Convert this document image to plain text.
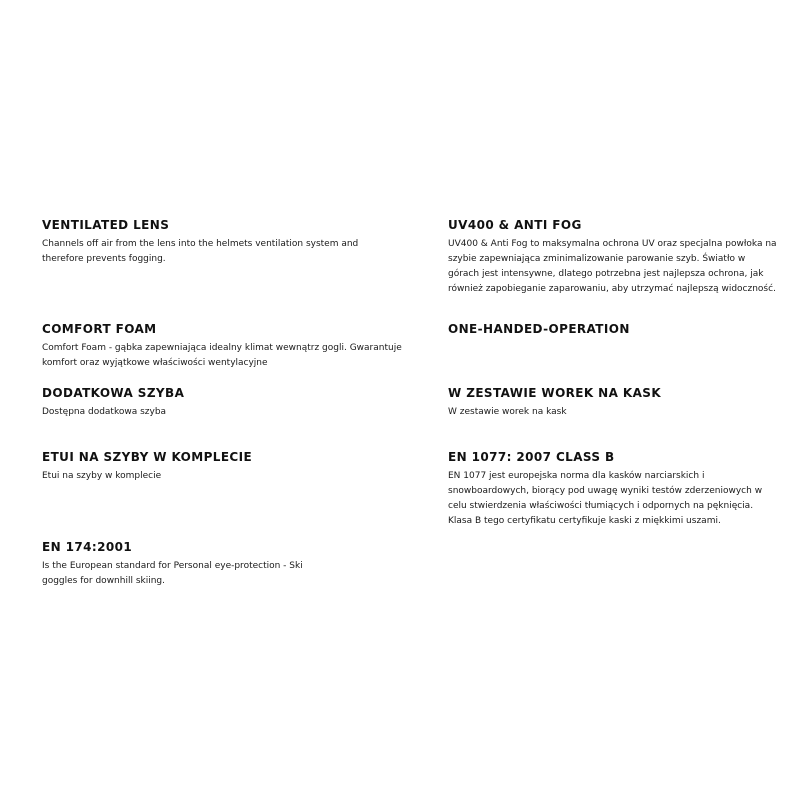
VENTILATED LENS

Channels off air from the lens into the helmets ventilation system and therefore prevents fogging.

UV400 & ANTI FOG

UV400 & Anti Fog to maksymalna ochrona UV oraz specjalna powłoka na szybie zapewniająca zminimalizowanie parowanie szyb. Światło w górach jest intensywne, dlatego potrzebna jest najlepsza ochrona, jak również zapobieganie zaparowaniu, aby utrzymać najlepszą widoczność.

COMFORT FOAM

Comfort Foam - gąbka zapewniająca idealny klimat wewnątrz gogli. Gwarantuje komfort oraz wyjątkowe właściwości wentylacyjne

ONE-HANDED-OPERATION

DODATKOWA SZYBA

Dostępna dodatkowa szyba

W ZESTAWIE WOREK NA KASK

W zestawie worek na kask

ETUI NA SZYBY W KOMPLECIE

Etui na szyby w komplecie

EN 1077: 2007 CLASS B

EN 1077 jest europejska norma dla kasków narciarskich i snowboardowych, biorący pod uwagę wyniki testów zderzeniowych w celu stwierdzenia właściwości tłumiących i odpornych na pęknięcia. Klasa B tego certyfikatu certyfikuje kaski z miękkimi uszami.

EN 174:2001

Is the European standard for Personal eye-protection - Ski goggles for downhill skiing.
